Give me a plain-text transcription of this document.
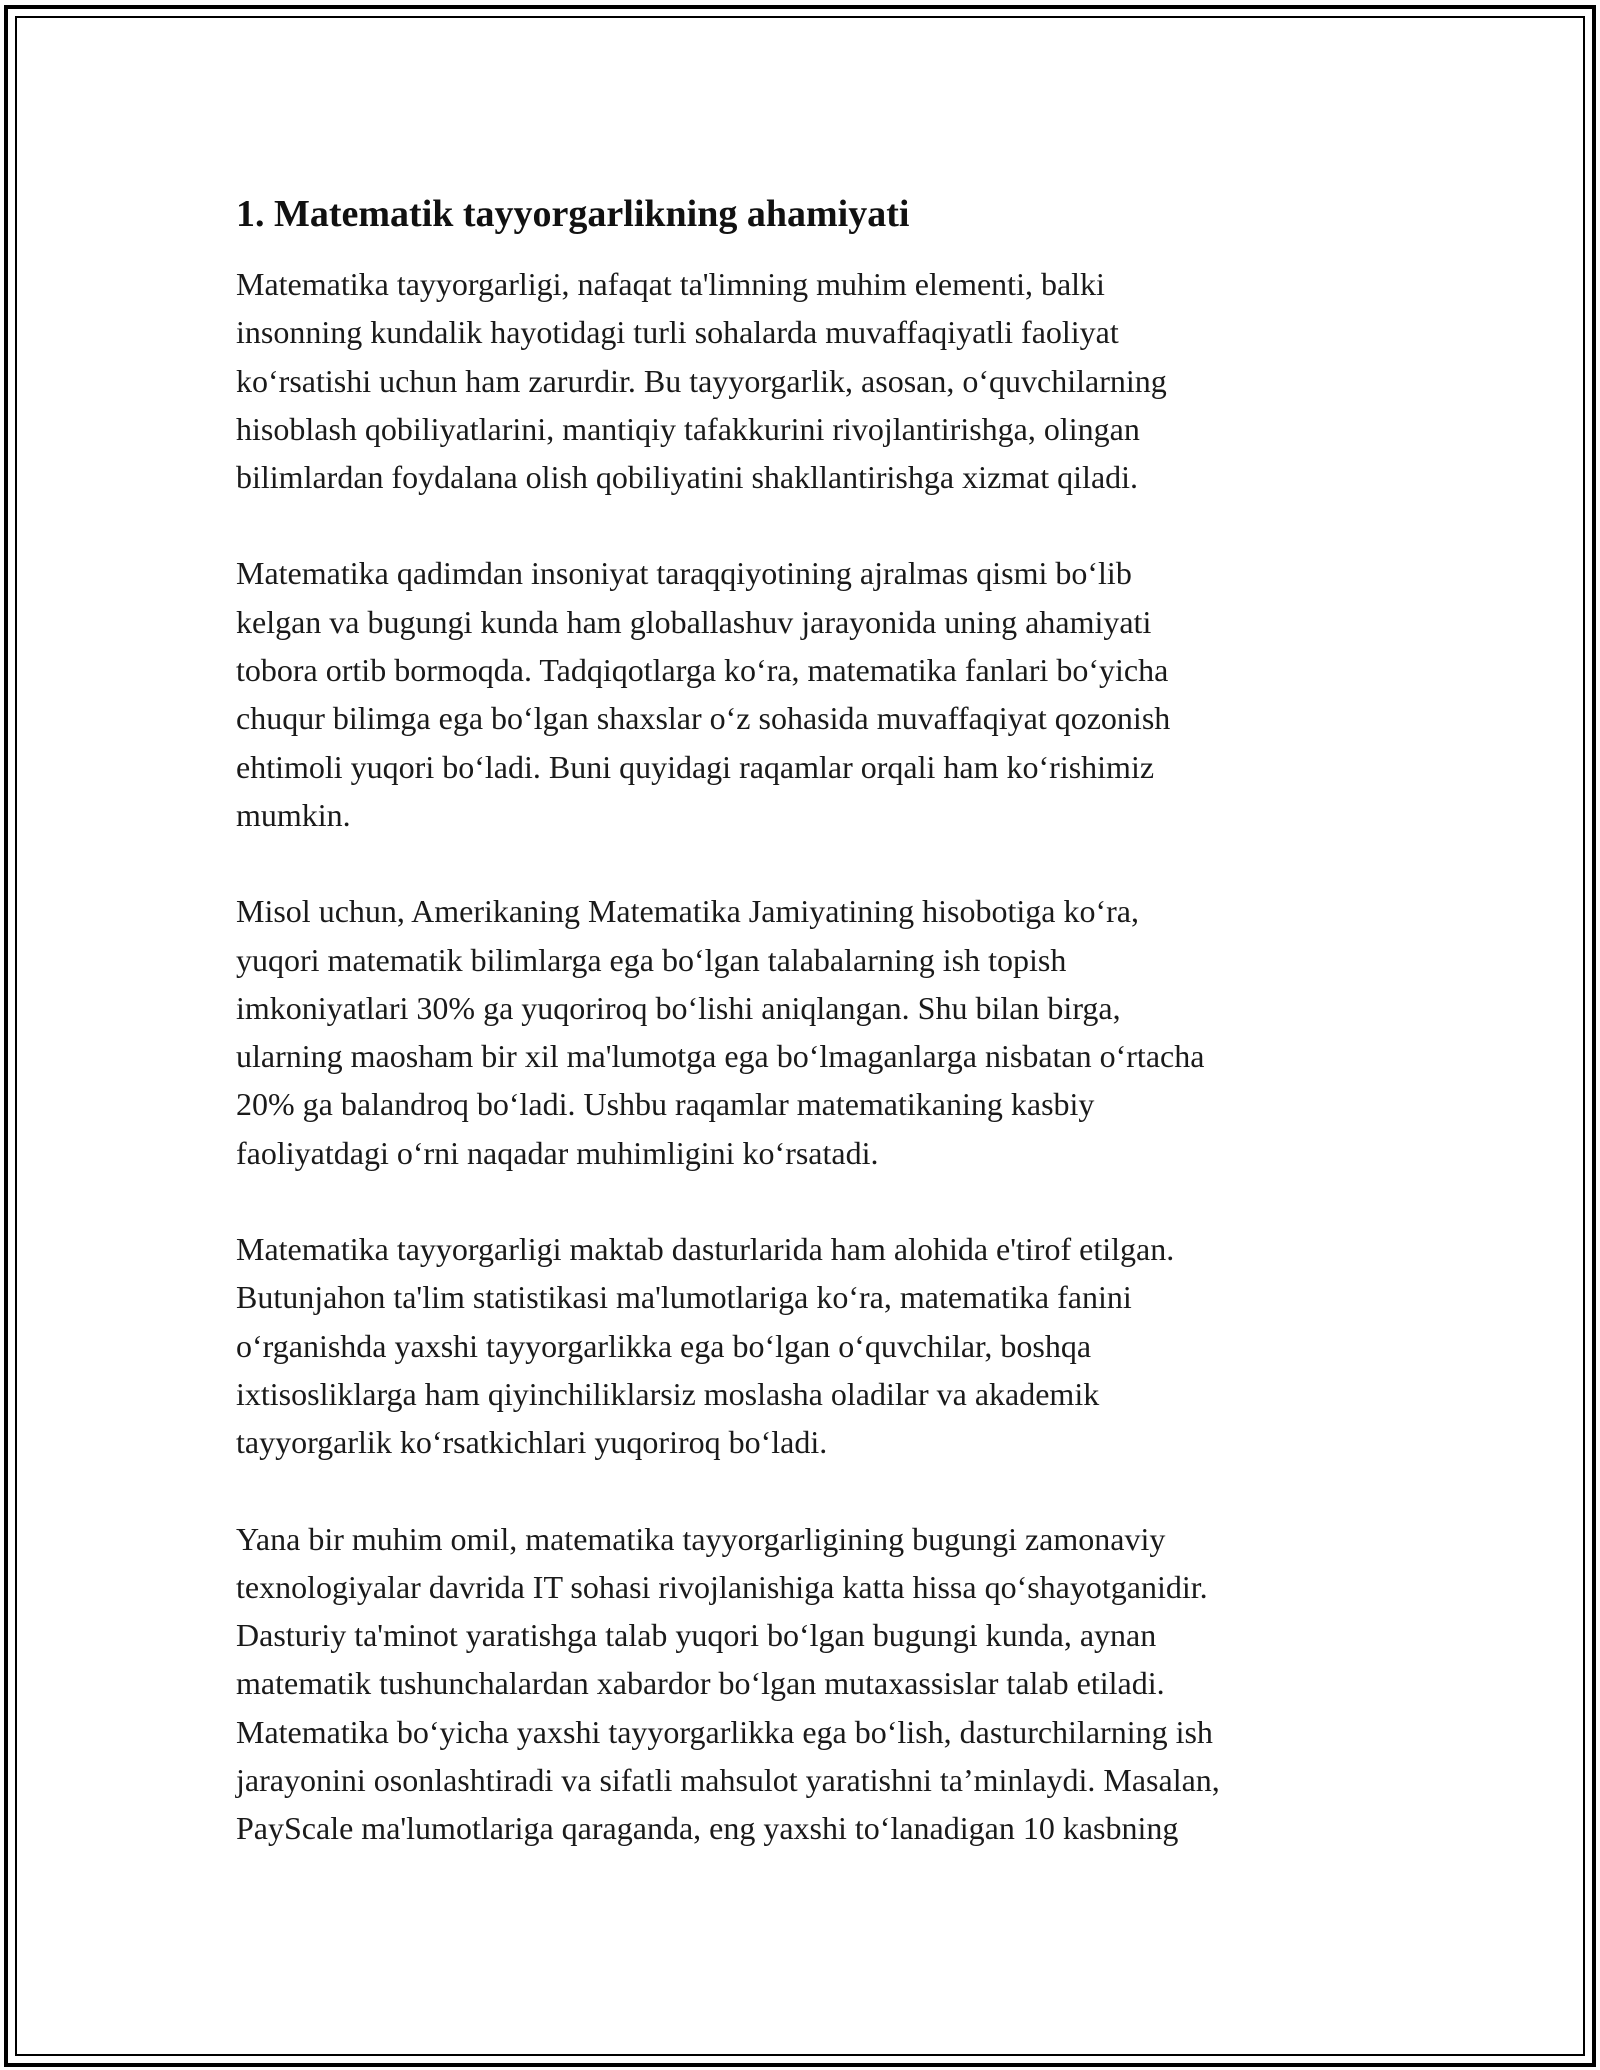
1. Matematik tayyorgarlikning ahamiyati

Matematika tayyorgarligi, nafaqat ta'limning muhim elementi, balki
insonning kundalik hayotidagi turli sohalarda muvaffaqiyatli faoliyat
ko‘rsatishi uchun ham zarurdir. Bu tayyorgarlik, asosan, o‘quvchilarning
hisoblash qobiliyatlarini, mantiqiy tafakkurini rivojlantirishga, olingan
bilimlardan foydalana olish qobiliyatini shakllantirishga xizmat qiladi.

Matematika qadimdan insoniyat taraqqiyotining ajralmas qismi bo‘lib
kelgan va bugungi kunda ham globallashuv jarayonida uning ahamiyati
tobora ortib bormoqda. Tadqiqotlarga ko‘ra, matematika fanlari bo‘yicha
chuqur bilimga ega bo‘lgan shaxslar o‘z sohasida muvaffaqiyat qozonish
ehtimoli yuqori bo‘ladi. Buni quyidagi raqamlar orqali ham ko‘rishimiz
mumkin.

Misol uchun, Amerikaning Matematika Jamiyatining hisobotiga ko‘ra,
yuqori matematik bilimlarga ega bo‘lgan talabalarning ish topish
imkoniyatlari 30% ga yuqoriroq bo‘lishi aniqlangan. Shu bilan birga,
ularning maosham bir xil ma'lumotga ega bo‘lmaganlarga nisbatan o‘rtacha
20% ga balandroq bo‘ladi. Ushbu raqamlar matematikaning kasbiy
faoliyatdagi o‘rni naqadar muhimligini ko‘rsatadi.

Matematika tayyorgarligi maktab dasturlarida ham alohida e'tirof etilgan.
Butunjahon ta'lim statistikasi ma'lumotlariga ko‘ra, matematika fanini
o‘rganishda yaxshi tayyorgarlikka ega bo‘lgan o‘quvchilar, boshqa
ixtisosliklarga ham qiyinchiliklarsiz moslasha oladilar va akademik
tayyorgarlik ko‘rsatkichlari yuqoriroq bo‘ladi.

Yana bir muhim omil, matematika tayyorgarligining bugungi zamonaviy
texnologiyalar davrida IT sohasi rivojlanishiga katta hissa qo‘shayotganidir.
Dasturiy ta'minot yaratishga talab yuqori bo‘lgan bugungi kunda, aynan
matematik tushunchalardan xabardor bo‘lgan mutaxassislar talab etiladi.
Matematika bo‘yicha yaxshi tayyorgarlikka ega bo‘lish, dasturchilarning ish
jarayonini osonlashtiradi va sifatli mahsulot yaratishni ta’minlaydi. Masalan,
PayScale ma'lumotlariga qaraganda, eng yaxshi to‘lanadigan 10 kasbning
